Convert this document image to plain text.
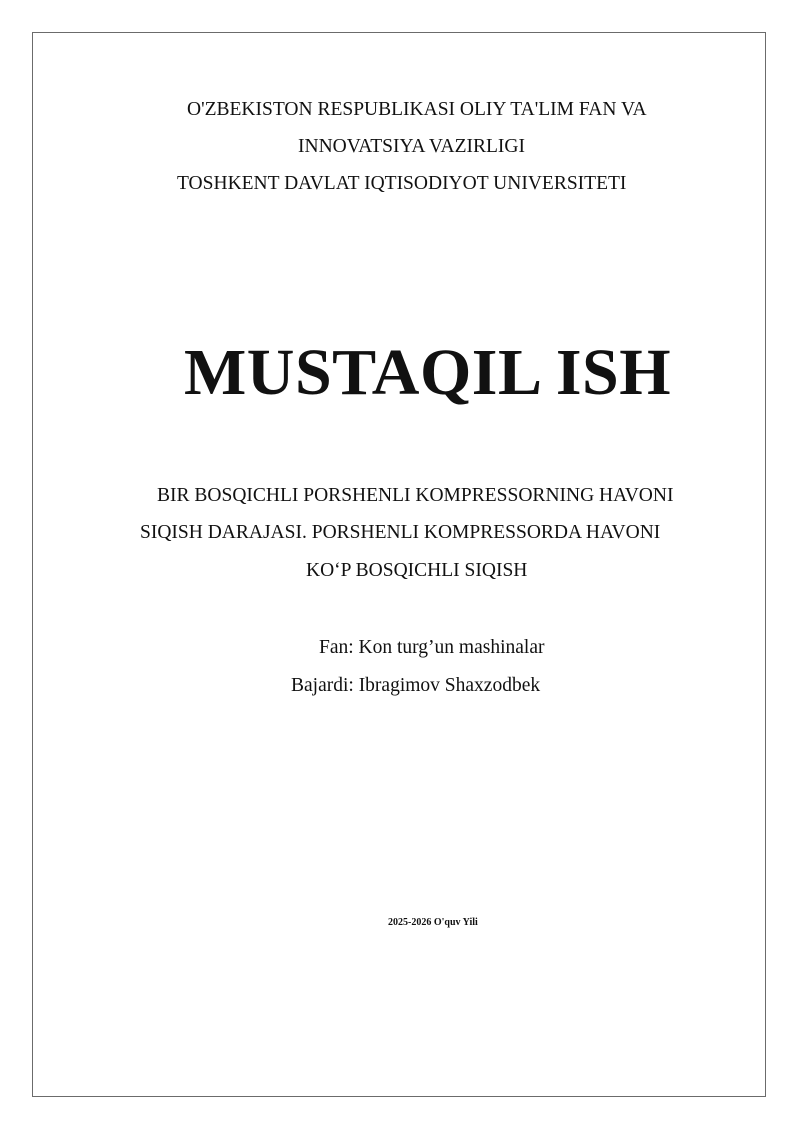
O'ZBEKISTON RESPUBLIKASI OLIY TA'LIM FAN VA
INNOVATSIYA VAZIRLIGI
TOSHKENT DAVLAT IQTISODIYOT UNIVERSITETI
MUSTAQIL ISH
BIR BOSQICHLI PORSHENLI KOMPRESSORNING HAVONI
SIQISH DARAJASI. PORSHENLI KOMPRESSORDA HAVONI
KO‘P BOSQICHLI SIQISH
Fan: Kon turg’un mashinalar
Bajardi: Ibragimov Shaxzodbek
2025-2026 O'quv Yili
